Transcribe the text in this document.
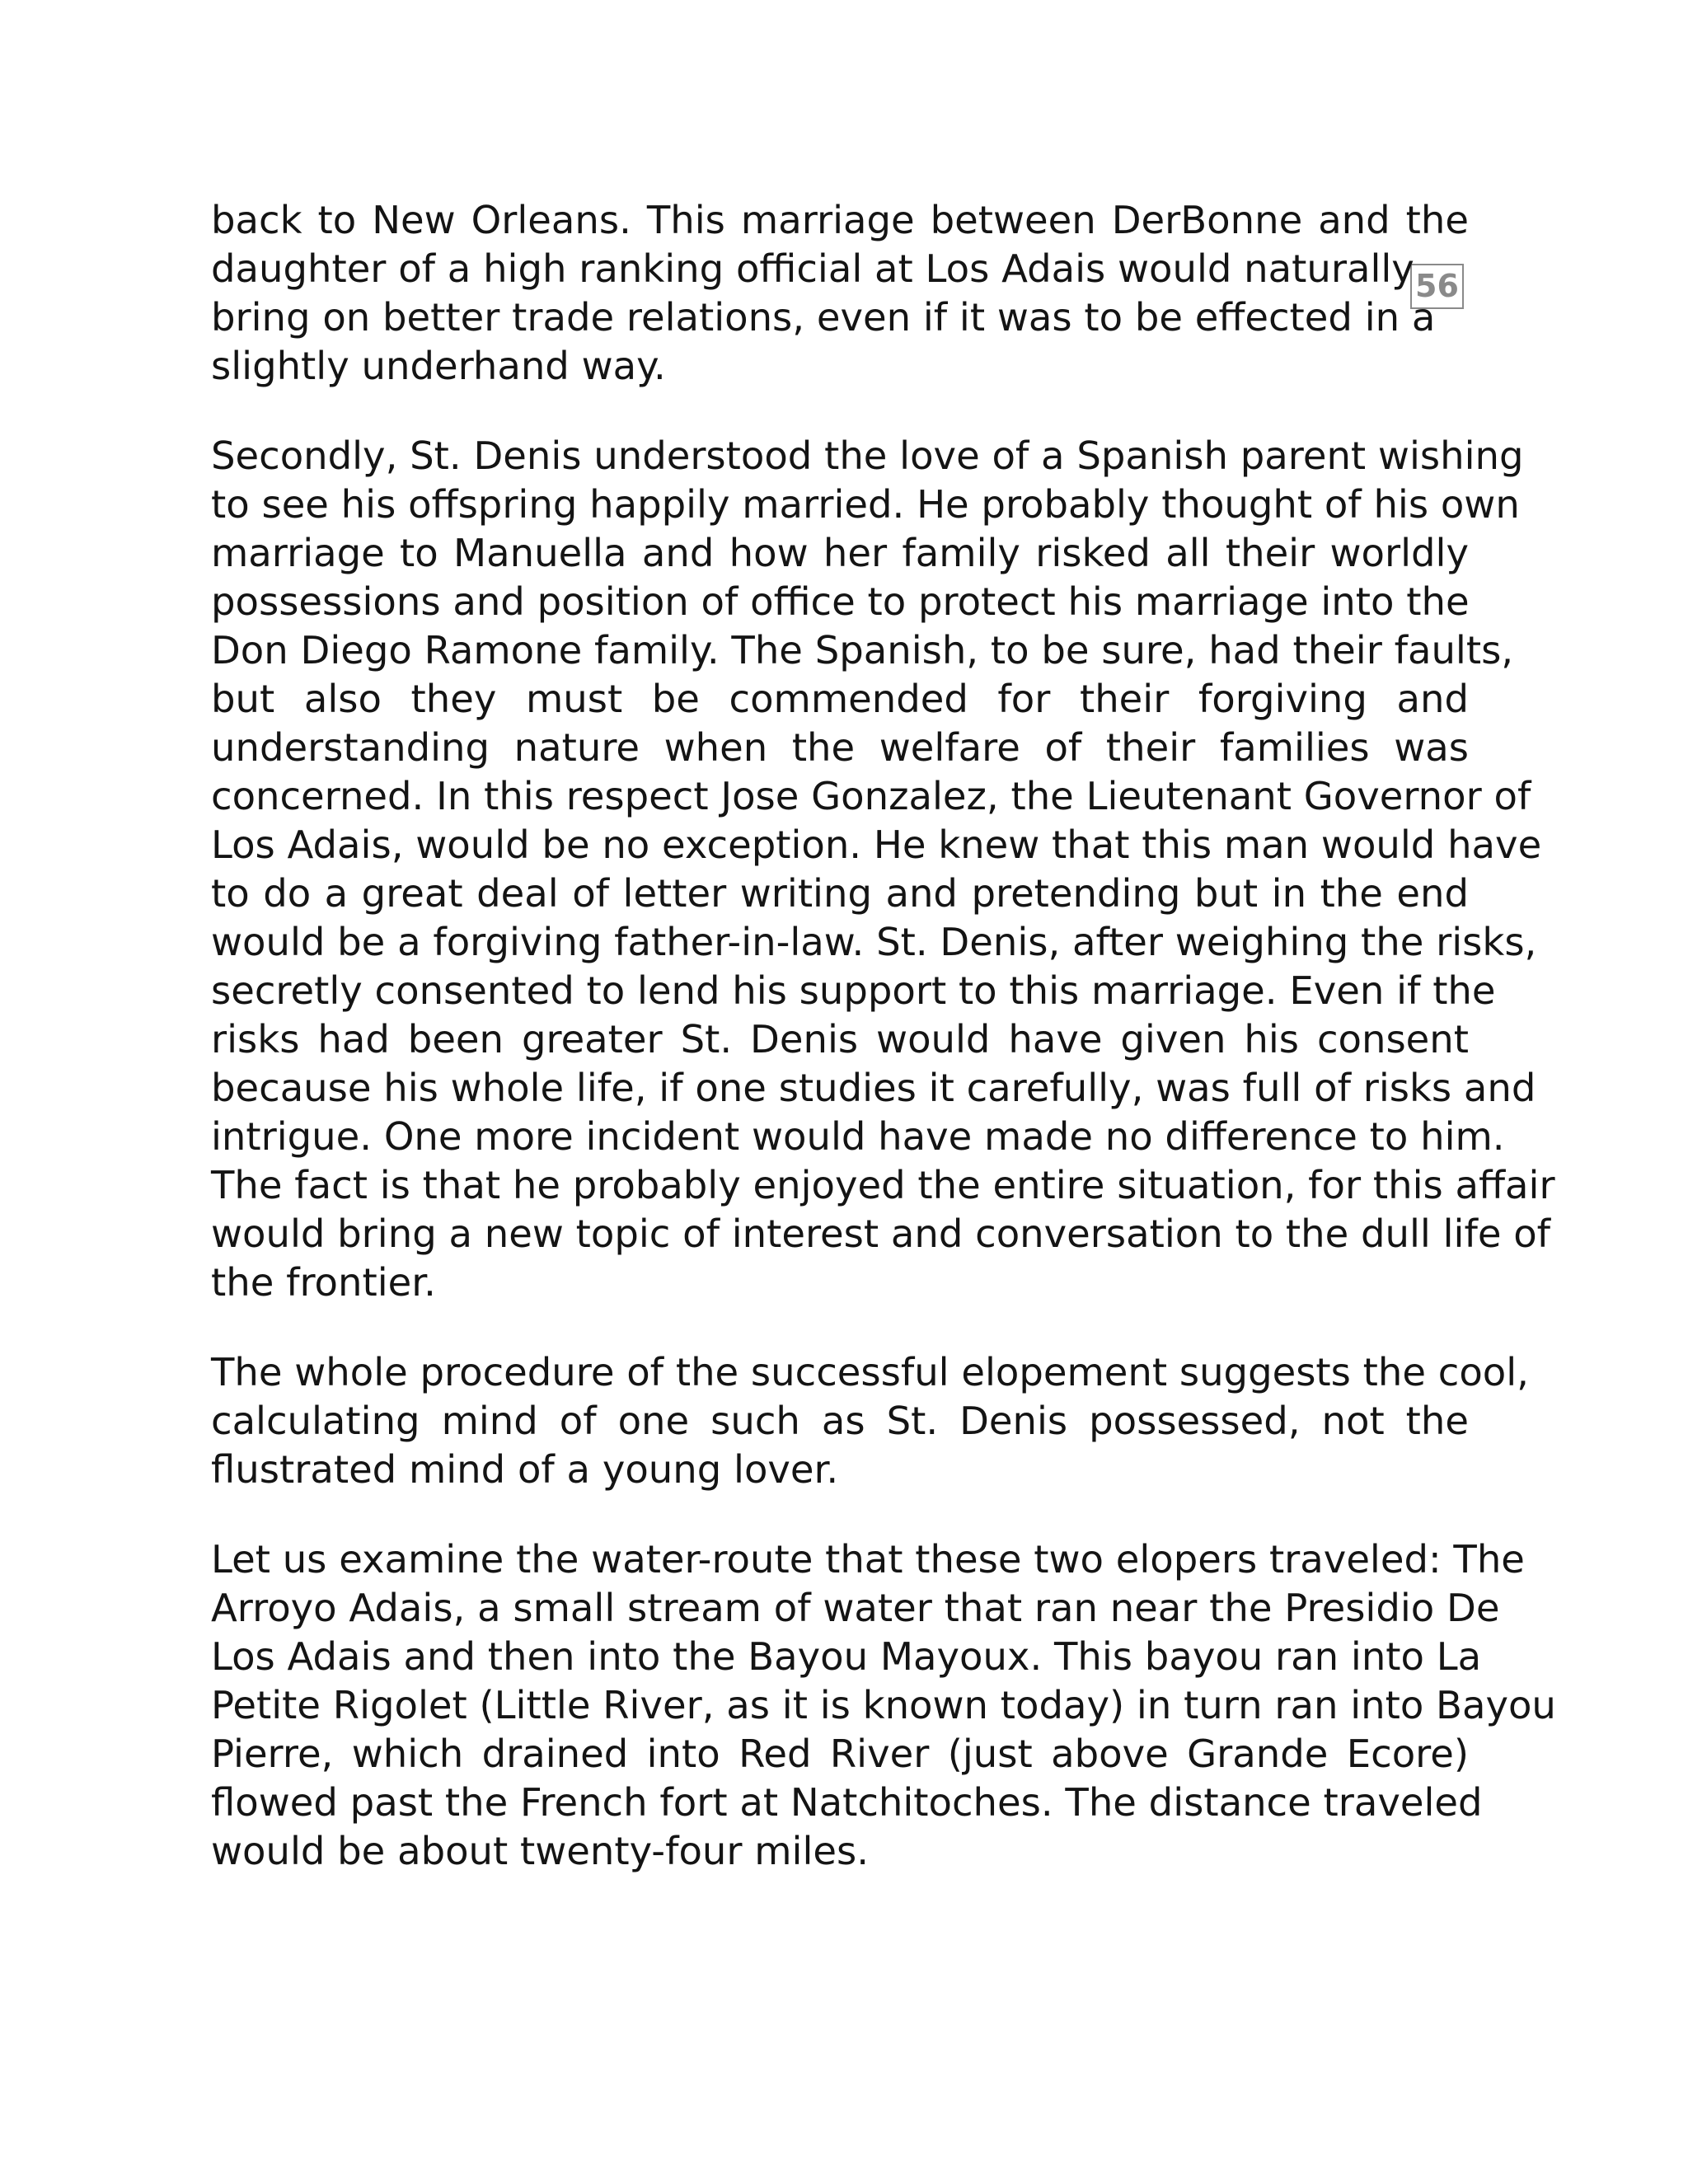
56

back to New Orleans. This marriage between DerBonne and the
daughter of a high ranking official at Los Adais would naturally
bring on better trade relations, even if it was to be effected in a
slightly underhand way.

Secondly, St. Denis understood the love of a Spanish parent wishing
to see his offspring happily married. He probably thought of his own
marriage to Manuella and how her family risked all their worldly
possessions and position of office to protect his marriage into the
Don Diego Ramone family. The Spanish, to be sure, had their faults,
but also they must be commended for their forgiving and
understanding nature when the welfare of their families was
concerned. In this respect Jose Gonzalez, the Lieutenant Governor of
Los Adais, would be no exception. He knew that this man would have
to do a great deal of letter writing and pretending but in the end
would be a forgiving father-in-law. St. Denis, after weighing the risks,
secretly consented to lend his support to this marriage. Even if the
risks had been greater St. Denis would have given his consent
because his whole life, if one studies it carefully, was full of risks and
intrigue. One more incident would have made no difference to him.
The fact is that he probably enjoyed the entire situation, for this affair
would bring a new topic of interest and conversation to the dull life of
the frontier.

The whole procedure of the successful elopement suggests the cool,
calculating mind of one such as St. Denis possessed, not the
flustrated mind of a young lover.

Let us examine the water-route that these two elopers traveled: The
Arroyo Adais, a small stream of water that ran near the Presidio De
Los Adais and then into the Bayou Mayoux. This bayou ran into La
Petite Rigolet (Little River, as it is known today) in turn ran into Bayou
Pierre, which drained into Red River (just above Grande Ecore)
flowed past the French fort at Natchitoches. The distance traveled
would be about twenty-four miles.
